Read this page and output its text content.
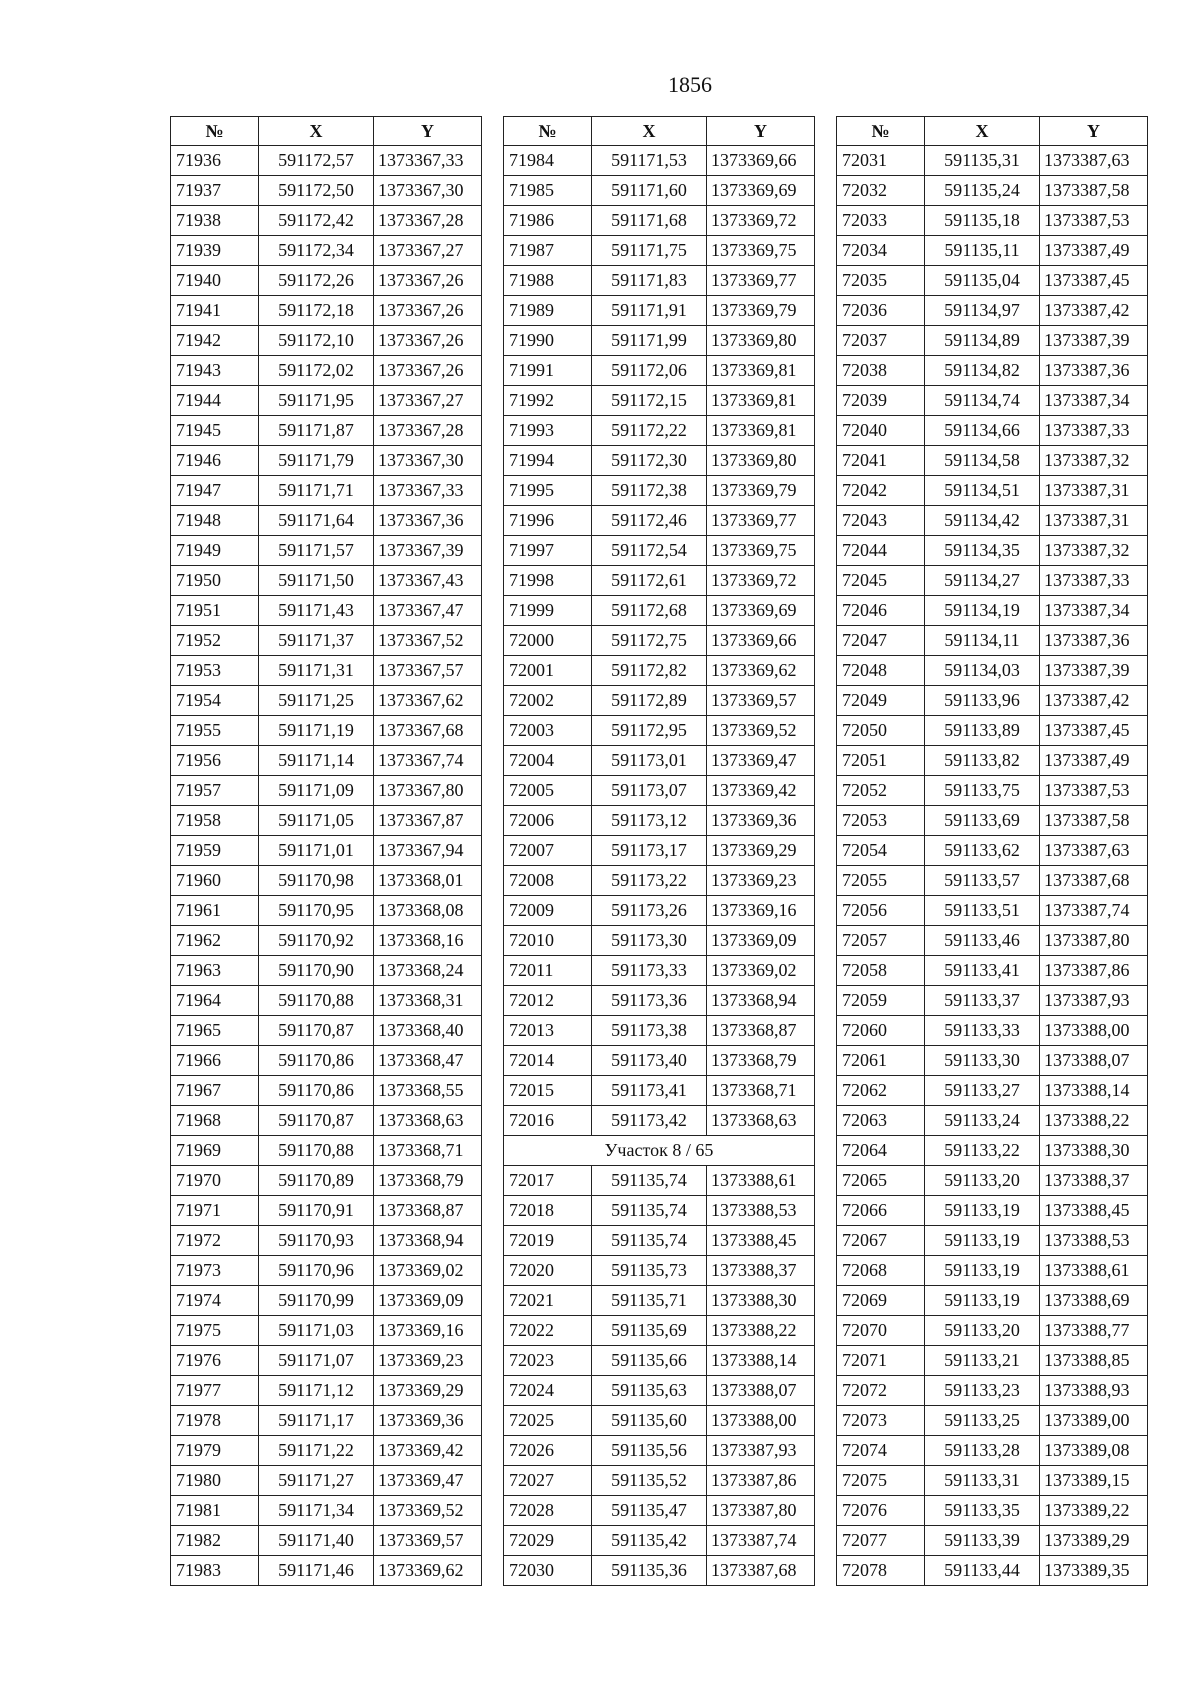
1856
№	X	Y
71936	591172,57	1373367,33
71937	591172,50	1373367,30
71938	591172,42	1373367,28
71939	591172,34	1373367,27
71940	591172,26	1373367,26
71941	591172,18	1373367,26
71942	591172,10	1373367,26
71943	591172,02	1373367,26
71944	591171,95	1373367,27
71945	591171,87	1373367,28
71946	591171,79	1373367,30
71947	591171,71	1373367,33
71948	591171,64	1373367,36
71949	591171,57	1373367,39
71950	591171,50	1373367,43
71951	591171,43	1373367,47
71952	591171,37	1373367,52
71953	591171,31	1373367,57
71954	591171,25	1373367,62
71955	591171,19	1373367,68
71956	591171,14	1373367,74
71957	591171,09	1373367,80
71958	591171,05	1373367,87
71959	591171,01	1373367,94
71960	591170,98	1373368,01
71961	591170,95	1373368,08
71962	591170,92	1373368,16
71963	591170,90	1373368,24
71964	591170,88	1373368,31
71965	591170,87	1373368,40
71966	591170,86	1373368,47
71967	591170,86	1373368,55
71968	591170,87	1373368,63
71969	591170,88	1373368,71
71970	591170,89	1373368,79
71971	591170,91	1373368,87
71972	591170,93	1373368,94
71973	591170,96	1373369,02
71974	591170,99	1373369,09
71975	591171,03	1373369,16
71976	591171,07	1373369,23
71977	591171,12	1373369,29
71978	591171,17	1373369,36
71979	591171,22	1373369,42
71980	591171,27	1373369,47
71981	591171,34	1373369,52
71982	591171,40	1373369,57
71983	591171,46	1373369,62
№	X	Y
71984	591171,53	1373369,66
71985	591171,60	1373369,69
71986	591171,68	1373369,72
71987	591171,75	1373369,75
71988	591171,83	1373369,77
71989	591171,91	1373369,79
71990	591171,99	1373369,80
71991	591172,06	1373369,81
71992	591172,15	1373369,81
71993	591172,22	1373369,81
71994	591172,30	1373369,80
71995	591172,38	1373369,79
71996	591172,46	1373369,77
71997	591172,54	1373369,75
71998	591172,61	1373369,72
71999	591172,68	1373369,69
72000	591172,75	1373369,66
72001	591172,82	1373369,62
72002	591172,89	1373369,57
72003	591172,95	1373369,52
72004	591173,01	1373369,47
72005	591173,07	1373369,42
72006	591173,12	1373369,36
72007	591173,17	1373369,29
72008	591173,22	1373369,23
72009	591173,26	1373369,16
72010	591173,30	1373369,09
72011	591173,33	1373369,02
72012	591173,36	1373368,94
72013	591173,38	1373368,87
72014	591173,40	1373368,79
72015	591173,41	1373368,71
72016	591173,42	1373368,63
Участок 8 / 65		
72017	591135,74	1373388,61
72018	591135,74	1373388,53
72019	591135,74	1373388,45
72020	591135,73	1373388,37
72021	591135,71	1373388,30
72022	591135,69	1373388,22
72023	591135,66	1373388,14
72024	591135,63	1373388,07
72025	591135,60	1373388,00
72026	591135,56	1373387,93
72027	591135,52	1373387,86
72028	591135,47	1373387,80
72029	591135,42	1373387,74
72030	591135,36	1373387,68
№	X	Y
72031	591135,31	1373387,63
72032	591135,24	1373387,58
72033	591135,18	1373387,53
72034	591135,11	1373387,49
72035	591135,04	1373387,45
72036	591134,97	1373387,42
72037	591134,89	1373387,39
72038	591134,82	1373387,36
72039	591134,74	1373387,34
72040	591134,66	1373387,33
72041	591134,58	1373387,32
72042	591134,51	1373387,31
72043	591134,42	1373387,31
72044	591134,35	1373387,32
72045	591134,27	1373387,33
72046	591134,19	1373387,34
72047	591134,11	1373387,36
72048	591134,03	1373387,39
72049	591133,96	1373387,42
72050	591133,89	1373387,45
72051	591133,82	1373387,49
72052	591133,75	1373387,53
72053	591133,69	1373387,58
72054	591133,62	1373387,63
72055	591133,57	1373387,68
72056	591133,51	1373387,74
72057	591133,46	1373387,80
72058	591133,41	1373387,86
72059	591133,37	1373387,93
72060	591133,33	1373388,00
72061	591133,30	1373388,07
72062	591133,27	1373388,14
72063	591133,24	1373388,22
72064	591133,22	1373388,30
72065	591133,20	1373388,37
72066	591133,19	1373388,45
72067	591133,19	1373388,53
72068	591133,19	1373388,61
72069	591133,19	1373388,69
72070	591133,20	1373388,77
72071	591133,21	1373388,85
72072	591133,23	1373388,93
72073	591133,25	1373389,00
72074	591133,28	1373389,08
72075	591133,31	1373389,15
72076	591133,35	1373389,22
72077	591133,39	1373389,29
72078	591133,44	1373389,35
